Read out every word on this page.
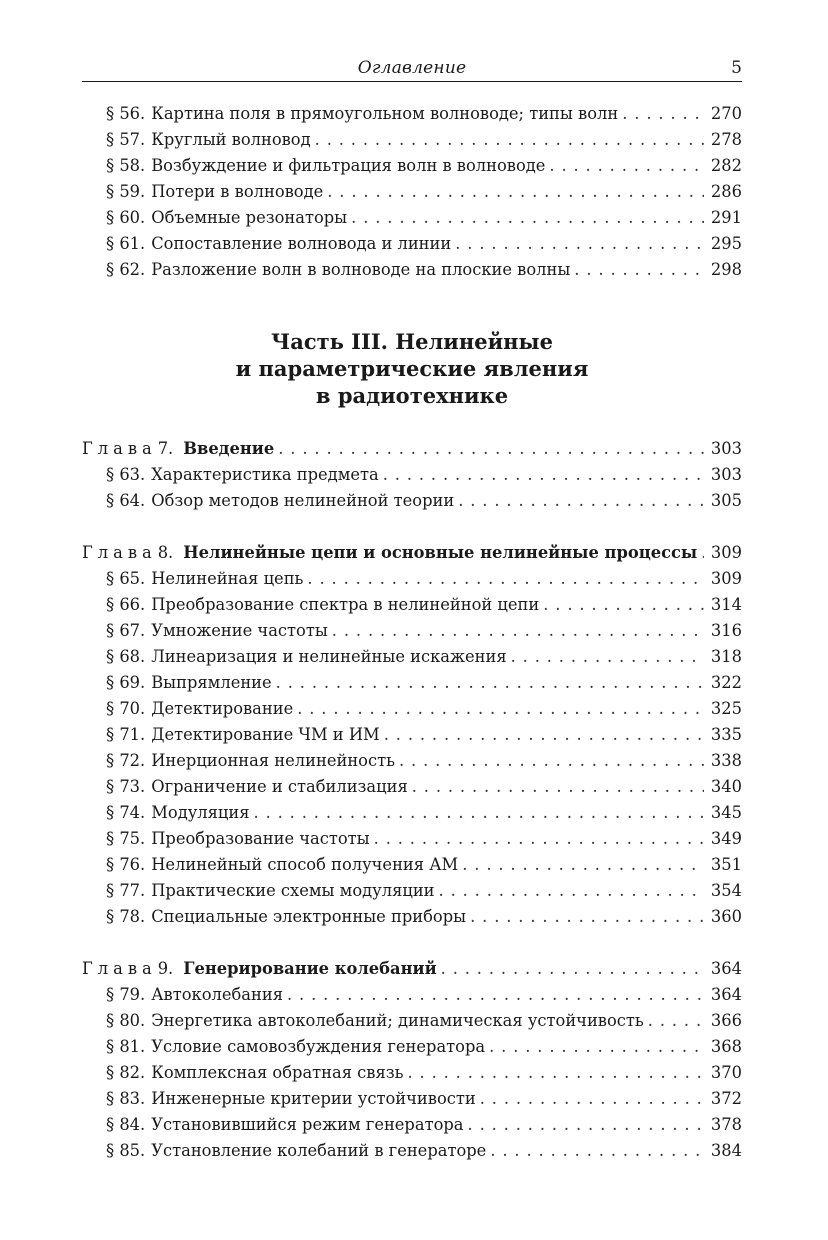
Оглавление	5
§ 56. Картина поля в прямоугольном волноводе; типы волн . . .	270
§ 57. Круглый волновод . . .	278
§ 58. Возбуждение и фильтрация волн в волноводе . . .	282
§ 59. Потери в волноводе . . .	286
§ 60. Объемные резонаторы . . .	291
§ 61. Сопоставление волновода и линии . . .	295
§ 62. Разложение волн в волноводе на плоские волны . . .	298
Часть III. Нелинейные
и параметрические явления
в радиотехнике
Глава 7. Введение . . .	303
§ 63. Характеристика предмета . . .	303
§ 64. Обзор методов нелинейной теории . . .	305
Глава 8. Нелинейные цепи и основные нелинейные процессы . . . 309
§ 65. Нелинейная цепь . . .	309
§ 66. Преобразование спектра в нелинейной цепи . . .	314
§ 67. Умножение частоты . . .	316
§ 68. Линеаризация и нелинейные искажения . . .	318
§ 69. Выпрямление . . .	322
§ 70. Детектирование . . .	325
§ 71. Детектирование ЧМ и ИМ . . .	335
§ 72. Инерционная нелинейность . . .	338
§ 73. Ограничение и стабилизация . . .	340
§ 74. Модуляция . . .	345
§ 75. Преобразование частоты . . .	349
§ 76. Нелинейный способ получения АМ . . .	351
§ 77. Практические схемы модуляции . . .	354
§ 78. Специальные электронные приборы . . .	360
Глава 9. Генерирование колебаний . . .	364
§ 79. Автоколебания . . .	364
§ 80. Энергетика автоколебаний; динамическая устойчивость . . .	366
§ 81. Условие самовозбуждения генератора . . .	368
§ 82. Комплексная обратная связь . . .	370
§ 83. Инженерные критерии устойчивости . . .	372
§ 84. Установившийся режим генератора . . .	378
§ 85. Установление колебаний в генераторе . . .	384
